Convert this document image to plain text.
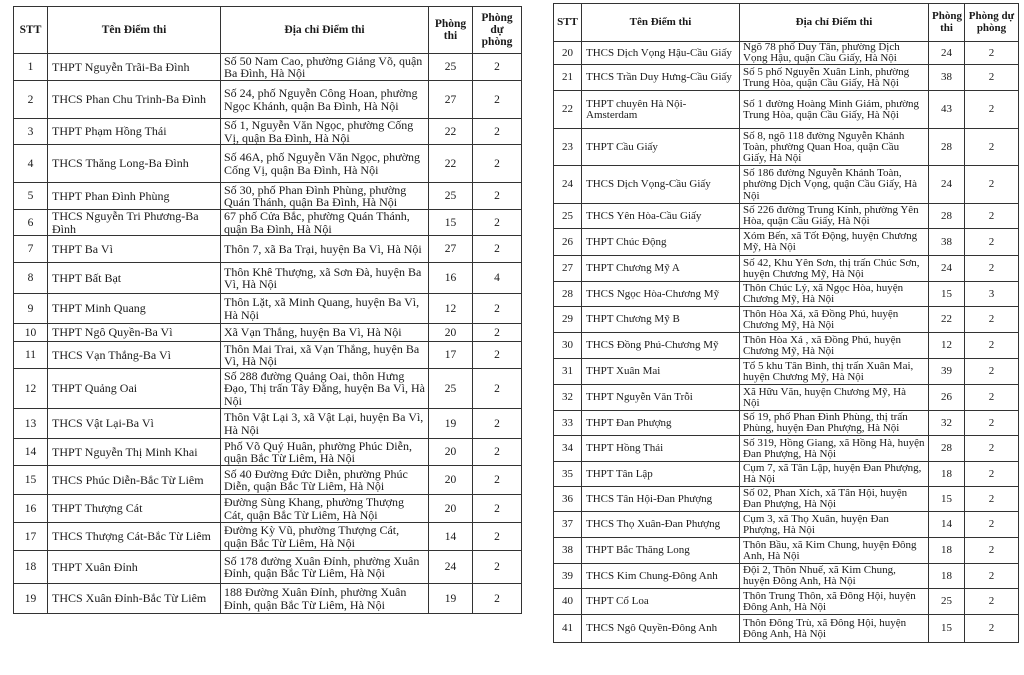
STT	Tên Điểm thi	Địa chỉ Điểm thi	Phòng thi	Phòng dự phòng
1	THPT Nguyễn Trãi-Ba Đình	Số 50 Nam Cao, phường Giảng Võ, quận Ba Đình, Hà Nội	25	2
2	THCS Phan Chu Trinh-Ba Đình	Số 24, phố Nguyễn Công Hoan, phường Ngọc Khánh, quận Ba Đình, Hà Nội	27	2
3	THPT Phạm Hồng Thái	Số 1, Nguyễn Văn Ngọc, phường Cống Vị, quận Ba Đình, Hà Nội	22	2
4	THCS Thăng Long-Ba Đình	Số 46A, phố Nguyễn Văn Ngọc, phường Cống Vị, quận Ba Đình, Hà Nội	22	2
5	THPT Phan Đình Phùng	Số 30, phố Phan Đình Phùng, phường Quán Thánh, quận Ba Đình, Hà Nội	25	2
6	THCS Nguyễn Tri Phương-Ba Đình	67 phố Cửa Bắc, phường Quán Thánh, quận Ba Đình, Hà Nội	15	2
7	THPT Ba Vì	Thôn 7, xã Ba Trại, huyện Ba Vì, Hà Nội	27	2
8	THPT Bất Bạt	Thôn Khê Thượng, xã Sơn Đà, huyện Ba Vì, Hà Nội	16	4
9	THPT Minh Quang	Thôn Lặt, xã Minh Quang, huyện Ba Vì, Hà Nội	12	2
10	THPT Ngô Quyền-Ba Vì	Xã Vạn Thắng, huyện Ba Vì, Hà Nội	20	2
11	THCS Vạn Thắng-Ba Vì	Thôn Mai Trai, xã Vạn Thắng, huyện Ba Vì, Hà Nội	17	2
12	THPT Quảng Oai	Số 288 đường Quảng Oai, thôn Hưng Đạo, Thị trấn Tây Đằng, huyện Ba Vì, Hà Nội	25	2
13	THCS Vật Lại-Ba Vì	Thôn Vật Lại 3, xã Vật Lại, huyện Ba Vì, Hà Nội	19	2
14	THPT Nguyễn Thị Minh Khai	Phố Võ Quý Huân, phường Phúc Diễn, quận Bắc Từ Liêm, Hà Nội	20	2
15	THCS Phúc Diễn-Bắc Từ Liêm	Số 40 Đường Đức Diễn, phường Phúc Diễn, quận Bắc Từ Liêm, Hà Nội	20	2
16	THPT Thượng Cát	Đường Sùng Khang, phường Thượng Cát, quận Bắc Từ Liêm, Hà Nội	20	2
17	THCS Thượng Cát-Bắc Từ Liêm	Đường Kỳ Vũ, phường Thượng Cát, quận Bắc Từ Liêm, Hà Nội	14	2
18	THPT Xuân Đỉnh	Số 178 đường Xuân Đỉnh, phường Xuân Đỉnh, quận Bắc Từ Liêm, Hà Nội	24	2
19	THCS Xuân Đỉnh-Bắc Từ Liêm	188 Đường Xuân Đỉnh, phường Xuân Đỉnh, quận Bắc Từ Liêm, Hà Nội	19	2
STT	Tên Điểm thi	Địa chỉ Điểm thi	Phòng thi	Phòng dự phòng
20	THCS Dịch Vọng Hậu-Cầu Giấy	Ngõ 78 phố Duy Tân, phường Dịch Vọng Hậu, quận Cầu Giấy, Hà Nội	24	2
21	THCS Trần Duy Hưng-Cầu Giấy	Số 5 phố Nguyễn Xuân Linh, phường Trung Hòa, quận Cầu Giấy, Hà Nội	38	2
22	THPT chuyên Hà Nội-Amsterdam	Số 1 đường Hoàng Minh Giám, phường Trung Hòa, quận Cầu Giấy, Hà Nội	43	2
23	THPT Cầu Giấy	Số 8, ngõ 118 đường Nguyễn Khánh Toàn, phường Quan Hoa, quận Cầu Giấy, Hà Nội	28	2
24	THCS Dịch Vọng-Cầu Giấy	Số 186 đường Nguyễn Khánh Toàn, phường Dịch Vọng, quận Cầu Giấy, Hà Nội	24	2
25	THCS Yên Hòa-Cầu Giấy	Số 226 đường Trung Kính, phường Yên Hòa, quận Cầu Giấy, Hà Nội	28	2
26	THPT Chúc Động	Xóm Bến, xã Tốt Động, huyện Chương Mỹ, Hà Nội	38	2
27	THPT Chương Mỹ A	Số 42, Khu Yên Sơn, thị trấn Chúc Sơn, huyện Chương Mỹ, Hà Nội	24	2
28	THCS Ngọc Hòa-Chương Mỹ	Thôn Chúc Lý, xã Ngọc Hòa, huyện Chương Mỹ, Hà Nội	15	3
29	THPT Chương Mỹ B	Thôn Hòa Xá, xã Đồng Phú, huyện Chương Mỹ, Hà Nội	22	2
30	THCS Đồng Phú-Chương Mỹ	Thôn Hòa Xá , xã Đồng Phú, huyện Chương Mỹ, Hà Nội	12	2
31	THPT Xuân Mai	Tổ 5 khu Tân Bình, thị trấn Xuân Mai, huyện Chương Mỹ, Hà Nội	39	2
32	THPT Nguyễn Văn Trỗi	Xã Hữu Văn, huyện Chương Mỹ, Hà Nội	26	2
33	THPT Đan Phượng	Số 19, phố Phan Đình Phùng, thị trấn Phùng, huyện Đan Phượng, Hà Nội	32	2
34	THPT Hồng Thái	Số 319, Hồng Giang, xã Hồng Hà, huyện Đan Phượng, Hà Nội	28	2
35	THPT Tân Lập	Cụm 7, xã Tân Lập, huyện Đan Phượng, Hà Nội	18	2
36	THCS Tân Hội-Đan Phượng	Số 02, Phan Xích, xã Tân Hội, huyện Đan Phượng, Hà Nội	15	2
37	THCS Thọ Xuân-Đan Phượng	Cụm 3, xã Thọ Xuân, huyện Đan Phượng, Hà Nội	14	2
38	THPT Bắc Thăng Long	Thôn Bầu, xã Kim Chung, huyện Đông Anh, Hà Nội	18	2
39	THCS Kim Chung-Đông Anh	Đội 2, Thôn Nhuế, xã Kim Chung, huyện Đông Anh, Hà Nội	18	2
40	THPT Cổ Loa	Thôn Trung Thôn, xã Đông Hội, huyện Đông Anh, Hà Nội	25	2
41	THCS Ngô Quyền-Đông Anh	Thôn Đông Trù, xã Đông Hội, huyện Đông Anh, Hà Nội	15	2
